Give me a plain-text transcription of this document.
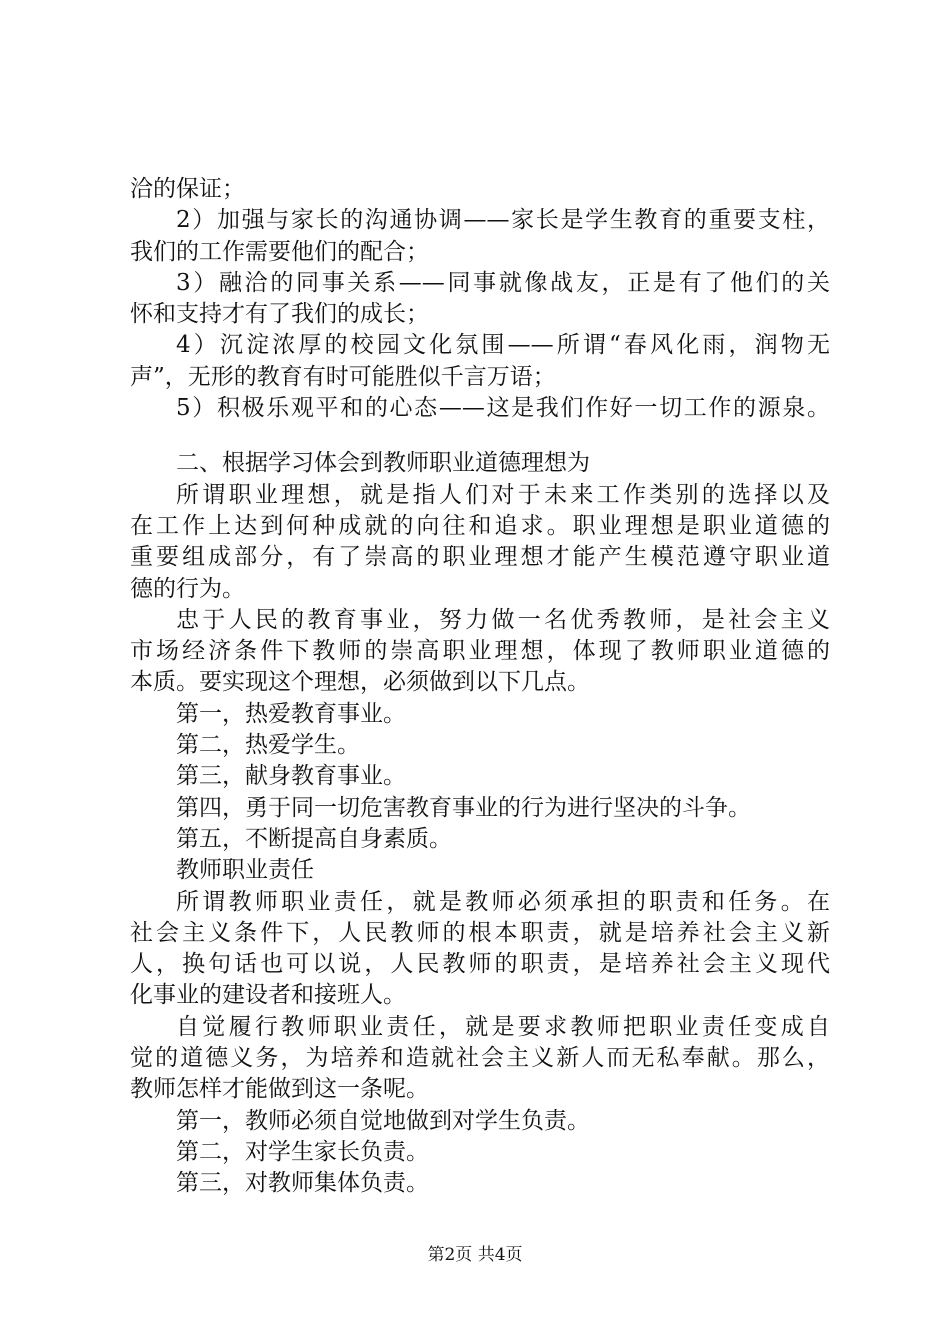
洽的保证；
2）加强与家长的沟通协调——家长是学生教育的重要支柱，
我们的工作需要他们的配合；
3）融洽的同事关系——同事就像战友，正是有了他们的关
怀和支持才有了我们的成长；
4）沉淀浓厚的校园文化氛围——所谓“春风化雨，润物无
声”，无形的教育有时可能胜似千言万语；
5）积极乐观平和的心态——这是我们作好一切工作的源泉。
二、根据学习体会到教师职业道德理想为
所谓职业理想，就是指人们对于未来工作类别的选择以及
在工作上达到何种成就的向往和追求。职业理想是职业道德的
重要组成部分，有了崇高的职业理想才能产生模范遵守职业道
德的行为。
忠于人民的教育事业，努力做一名优秀教师，是社会主义
市场经济条件下教师的崇高职业理想，体现了教师职业道德的
本质。要实现这个理想，必须做到以下几点。
第一，热爱教育事业。
第二，热爱学生。
第三，献身教育事业。
第四，勇于同一切危害教育事业的行为进行坚决的斗争。
第五，不断提高自身素质。
教师职业责任
所谓教师职业责任，就是教师必须承担的职责和任务。在
社会主义条件下，人民教师的根本职责，就是培养社会主义新
人，换句话也可以说，人民教师的职责，是培养社会主义现代
化事业的建设者和接班人。
自觉履行教师职业责任，就是要求教师把职业责任变成自
觉的道德义务，为培养和造就社会主义新人而无私奉献。那么，
教师怎样才能做到这一条呢。
第一，教师必须自觉地做到对学生负责。
第二，对学生家长负责。
第三，对教师集体负责。
第2页 共4页
